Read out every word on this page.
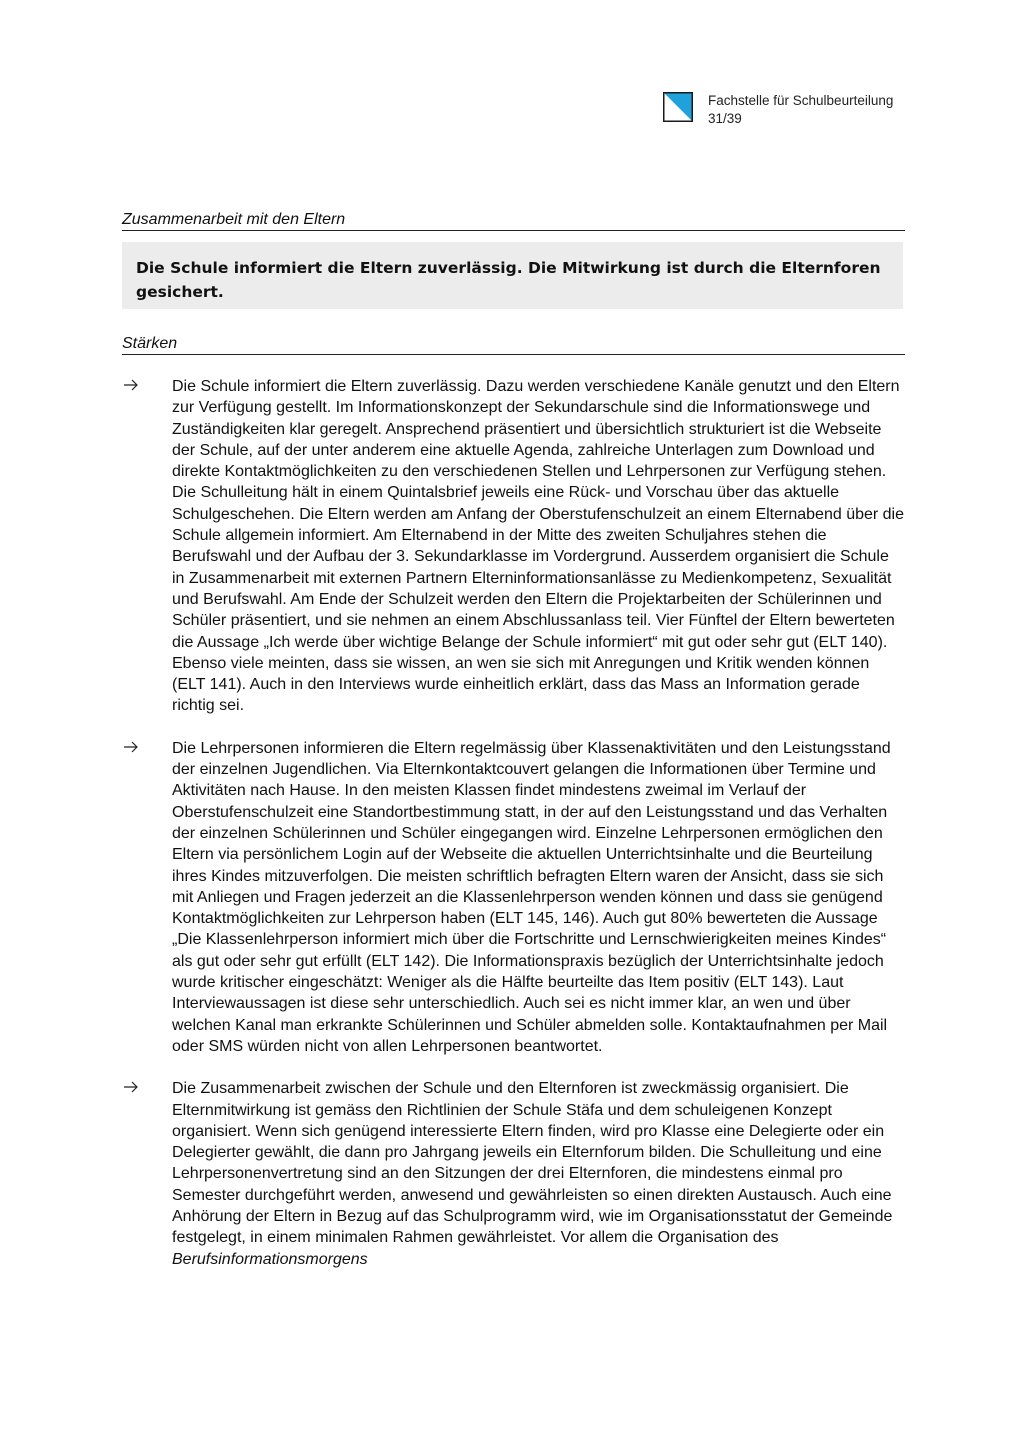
Fachstelle für Schulbeurteilung
31/39
Zusammenarbeit mit den Eltern

Die Schule informiert die Eltern zuverlässig. Die Mitwirkung ist durch die Elternforen gesichert.

Stärken
Die Schule informiert die Eltern zuverlässig. Dazu werden verschiedene Kanäle genutzt und den Eltern zur Verfügung gestellt. Im Informationskonzept der Sekundarschule sind die Informationswege und Zuständigkeiten klar geregelt. Ansprechend präsentiert und übersichtlich strukturiert ist die Webseite der Schule, auf der unter anderem eine aktuelle Agenda, zahlreiche Unterlagen zum Download und direkte Kontaktmöglichkeiten zu den verschiedenen Stellen und Lehrpersonen zur Verfügung stehen. Die Schulleitung hält in einem Quintalsbrief jeweils eine Rück- und Vorschau über das aktuelle Schulgeschehen. Die Eltern werden am Anfang der Oberstufenschulzeit an einem Elternabend über die Schule allgemein informiert. Am Elternabend in der Mitte des zweiten Schuljahres stehen die Berufswahl und der Aufbau der 3. Sekundarklasse im Vordergrund. Ausserdem organisiert die Schule in Zusammenarbeit mit externen Partnern Elterninformationsanlässe zu Medienkompetenz, Sexualität und Berufswahl. Am Ende der Schulzeit werden den Eltern die Projektarbeiten der Schülerinnen und Schüler präsentiert, und sie nehmen an einem Abschlussanlass teil. Vier Fünftel der Eltern bewerteten die Aussage „Ich werde über wichtige Belange der Schule informiert“ mit gut oder sehr gut (ELT 140). Ebenso viele meinten, dass sie wissen, an wen sie sich mit Anregungen und Kritik wenden können (ELT 141). Auch in den Interviews wurde einheitlich erklärt, dass das Mass an Information gerade richtig sei.
Die Lehrpersonen informieren die Eltern regelmässig über Klassenaktivitäten und den Leistungsstand der einzelnen Jugendlichen. Via Elternkontaktcouvert gelangen die Informationen über Termine und Aktivitäten nach Hause. In den meisten Klassen findet mindestens zweimal im Verlauf der Oberstufenschulzeit eine Standortbestimmung statt, in der auf den Leistungsstand und das Verhalten der einzelnen Schülerinnen und Schüler eingegangen wird. Einzelne Lehrpersonen ermöglichen den Eltern via persönlichem Login auf der Webseite die aktuellen Unterrichtsinhalte und die Beurteilung ihres Kindes mitzuverfolgen. Die meisten schriftlich befragten Eltern waren der Ansicht, dass sie sich mit Anliegen und Fragen jederzeit an die Klassenlehrperson wenden können und dass sie genügend Kontaktmöglichkeiten zur Lehrperson haben (ELT 145, 146). Auch gut 80% bewerteten die Aussage „Die Klassenlehrperson informiert mich über die Fortschritte und Lernschwierigkeiten meines Kindes“ als gut oder sehr gut erfüllt (ELT 142). Die Informationspraxis bezüglich der Unterrichtsinhalte jedoch wurde kritischer eingeschätzt: Weniger als die Hälfte beurteilte das Item positiv (ELT 143). Laut Interviewaussagen ist diese sehr unterschiedlich. Auch sei es nicht immer klar, an wen und über welchen Kanal man erkrankte Schülerinnen und Schüler abmelden solle. Kontaktaufnahmen per Mail oder SMS würden nicht von allen Lehrpersonen beantwortet.
Die Zusammenarbeit zwischen der Schule und den Elternforen ist zweckmässig organisiert. Die Elternmitwirkung ist gemäss den Richtlinien der Schule Stäfa und dem schuleigenen Konzept organisiert. Wenn sich genügend interessierte Eltern finden, wird pro Klasse eine Delegierte oder ein Delegierter gewählt, die dann pro Jahrgang jeweils ein Elternforum bilden. Die Schulleitung und eine Lehrpersonenvertretung sind an den Sitzungen der drei Elternforen, die mindestens einmal pro Semester durchgeführt werden, anwesend und gewährleisten so einen direkten Austausch. Auch eine Anhörung der Eltern in Bezug auf das Schulprogramm wird, wie im Organisationsstatut der Gemeinde festgelegt, in einem minimalen Rahmen gewährleistet. Vor allem die Organisation des Berufsinformationsmorgens
